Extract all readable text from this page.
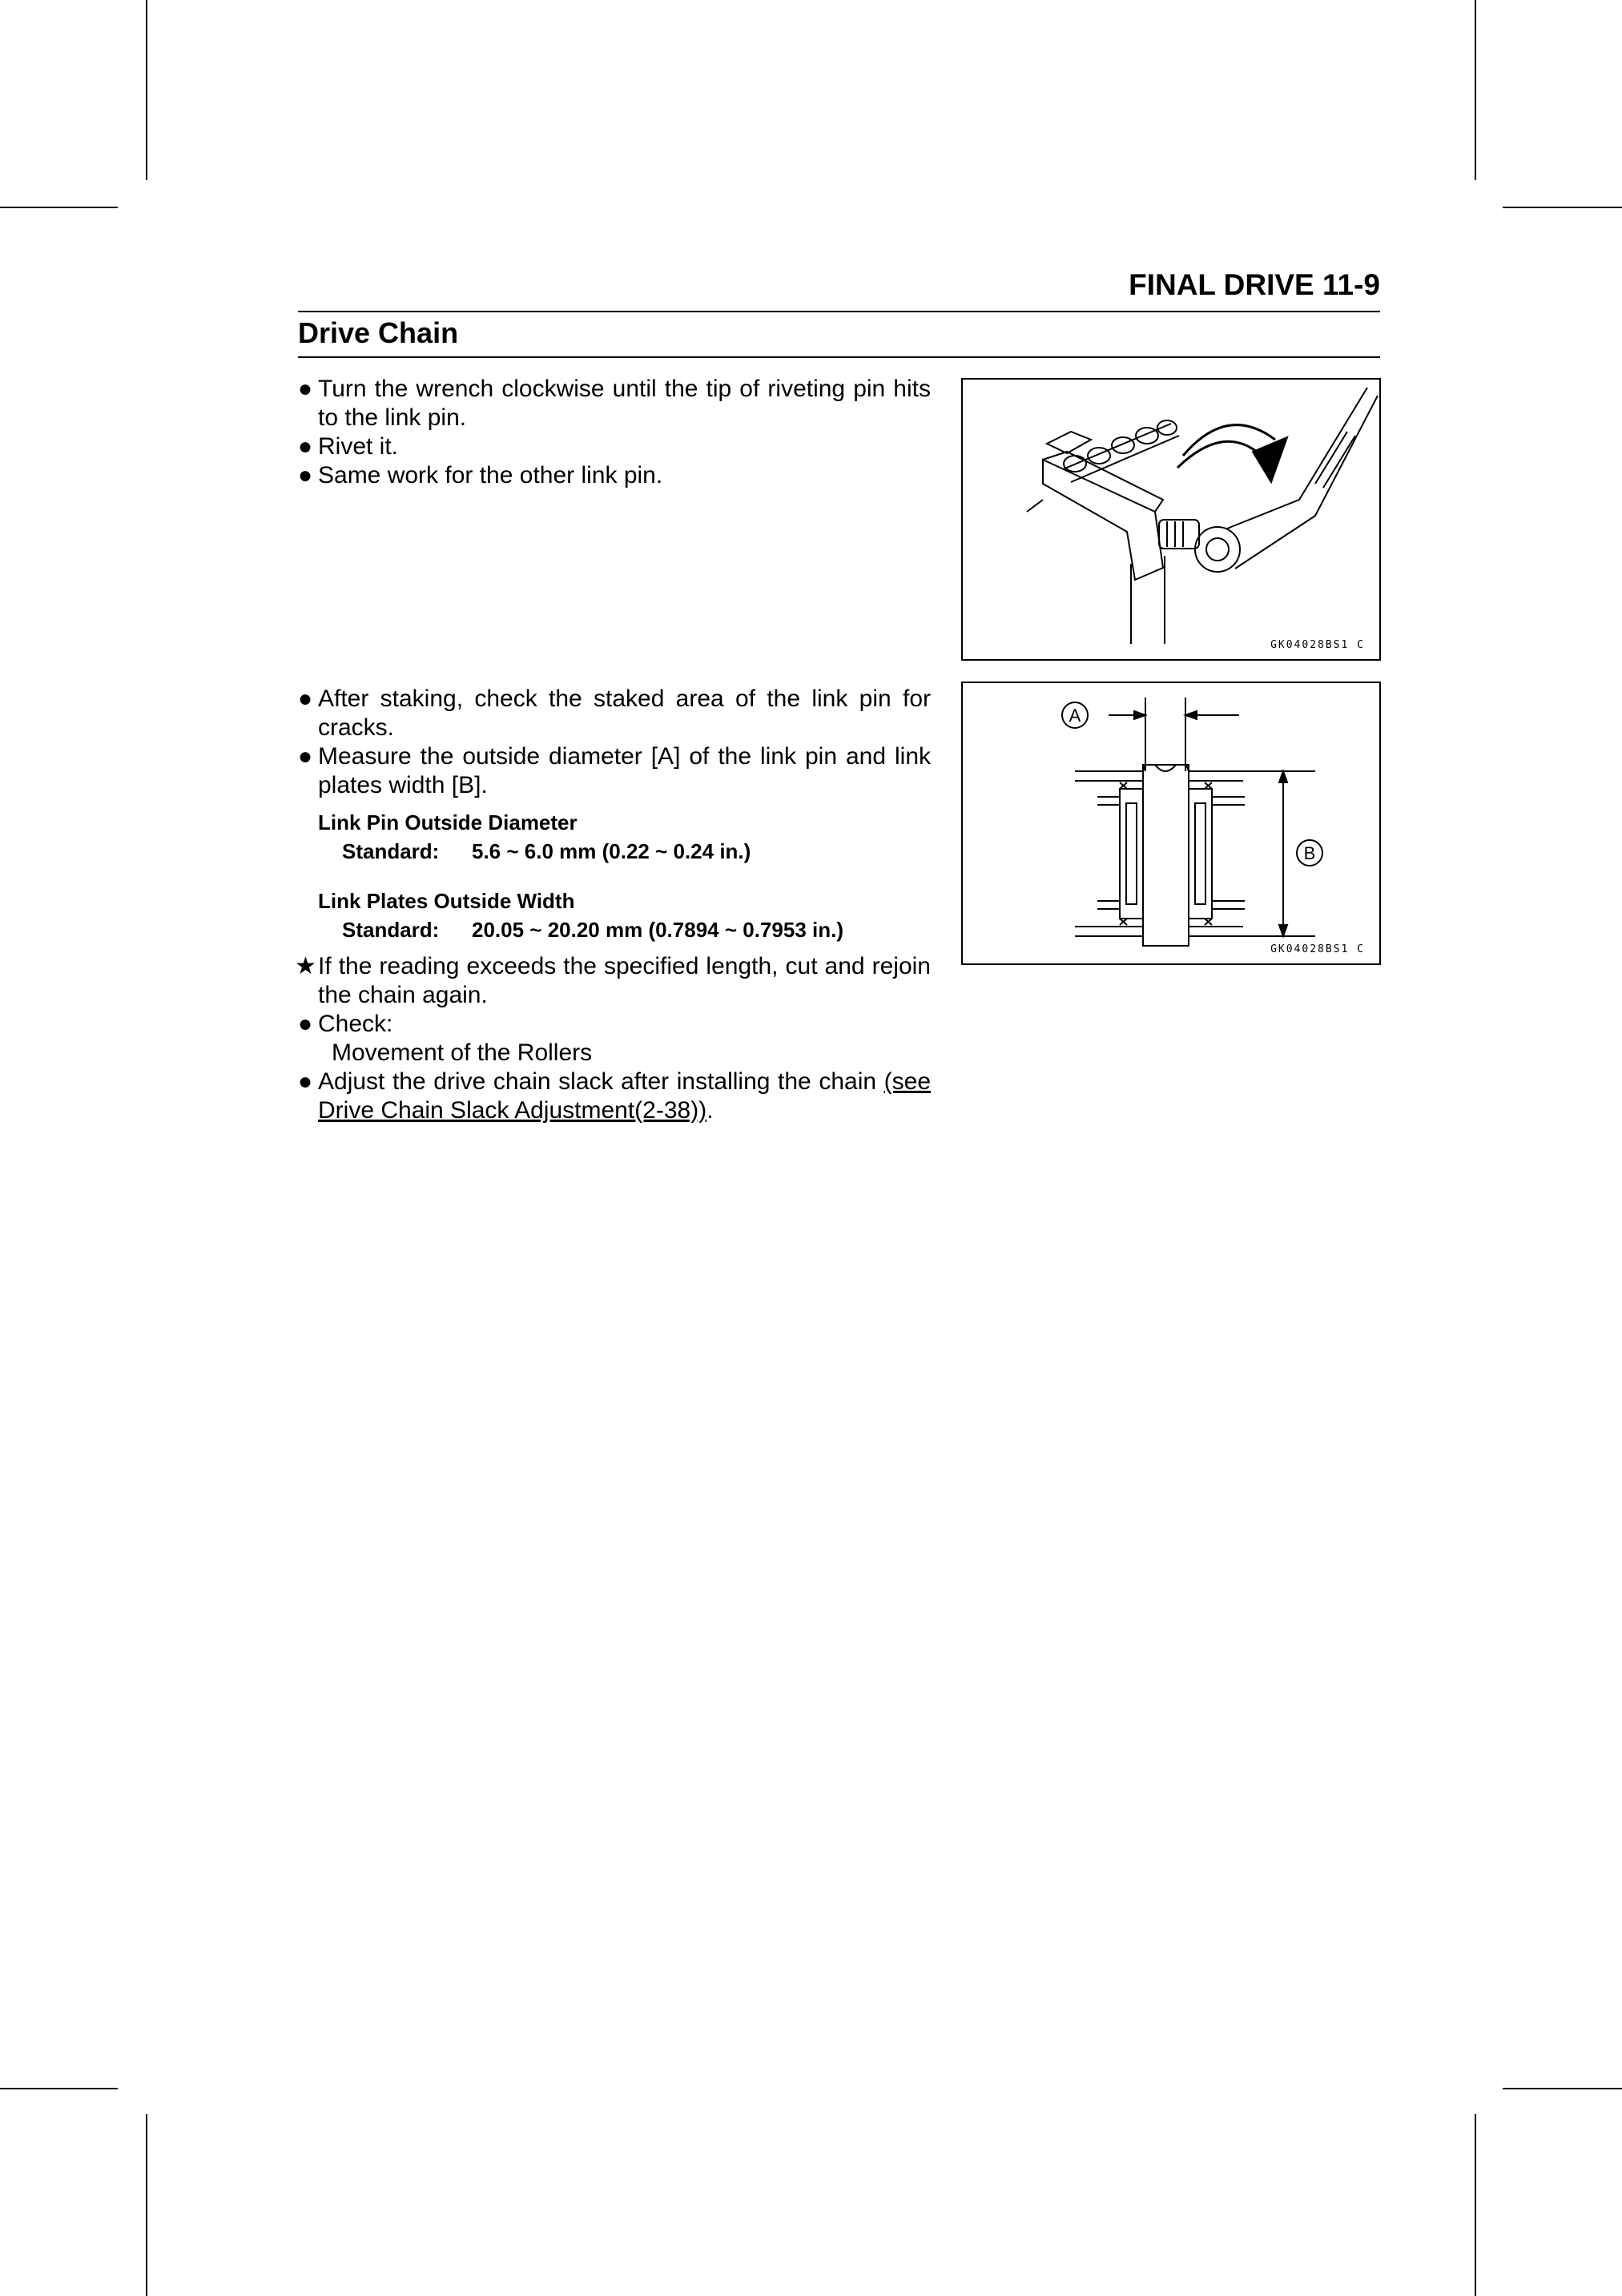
FINAL DRIVE 11-9
Drive Chain
● Turn the wrench clockwise until the tip of riveting pin hits to the link pin.
● Rivet it.
● Same work for the other link pin.
● After staking, check the staked area of the link pin for cracks.
● Measure the outside diameter [A] of the link pin and link plates width [B].
Link Pin Outside Diameter
Standard: 5.6 ~ 6.0 mm (0.22 ~ 0.24 in.)
Link Plates Outside Width
Standard: 20.05 ~ 20.20 mm (0.7894 ~ 0.7953 in.)
★ If the reading exceeds the specified length, cut and rejoin the chain again.
● Check:
Movement of the Rollers
● Adjust the drive chain slack after installing the chain (see Drive Chain Slack Adjustment(2-38)).
GK04028BS1 C
A
B
GK04028BS1 C
